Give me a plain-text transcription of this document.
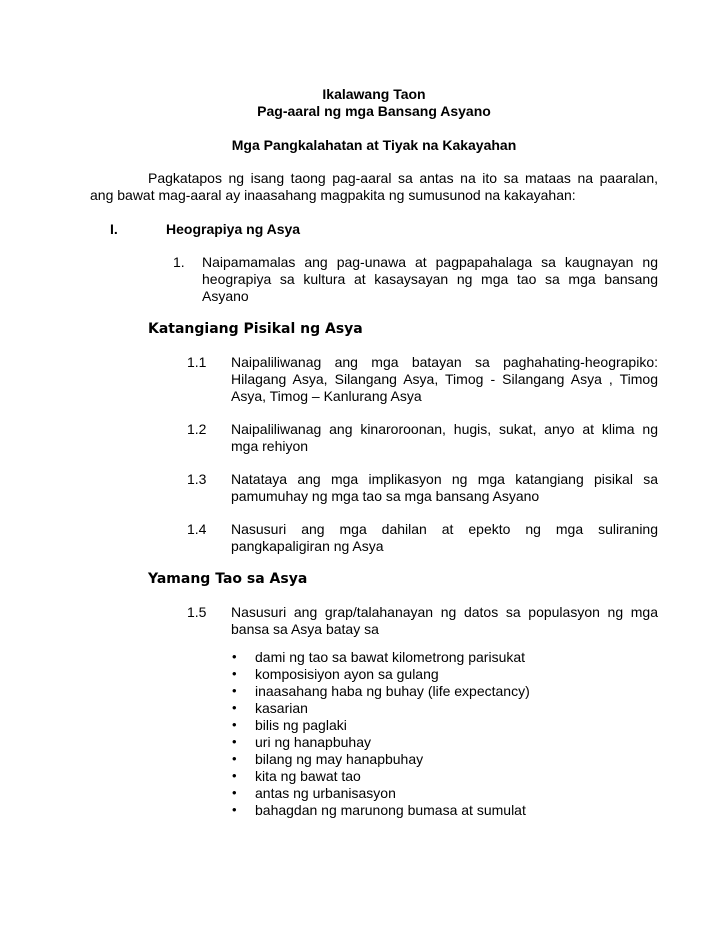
Ikalawang Taon
Pag-aaral ng mga Bansang Asyano
Mga Pangkalahatan at Tiyak na Kakayahan
Pagkatapos ng isang taong pag-aaral sa antas na ito sa mataas na paaralan,
ang bawat mag-aaral ay inaasahang magpakita ng sumusunod na kakayahan:
I.	Heograpiya ng Asya
1. Naipamamalas ang pag-unawa at pagpapahalaga sa kaugnayan ng
heograpiya sa kultura at kasaysayan ng mga tao sa mga bansang
Asyano
Katangiang Pisikal ng Asya
1.1 Naipaliliwanag ang mga batayan sa paghahating-heograpiko:
Hilagang Asya, Silangang Asya, Timog - Silangang Asya , Timog
Asya, Timog – Kanlurang Asya
1.2 Naipaliliwanag ang kinaroroonan, hugis, sukat, anyo at klima ng
mga rehiyon
1.3 Natataya ang mga implikasyon ng mga katangiang pisikal sa
pamumuhay ng mga tao sa mga bansang Asyano
1.4 Nasusuri ang mga dahilan at epekto ng mga suliraning
pangkapaligiran ng Asya
Yamang Tao sa Asya
1.5 Nasusuri ang grap/talahanayan ng datos sa populasyon ng mga
bansa sa Asya batay sa
• dami ng tao sa bawat kilometrong parisukat
• komposisiyon ayon sa gulang
• inaasahang haba ng buhay (life expectancy)
• kasarian
• bilis ng paglaki
• uri ng hanapbuhay
• bilang ng may hanapbuhay
• kita ng bawat tao
• antas ng urbanisasyon
• bahagdan ng marunong bumasa at sumulat
